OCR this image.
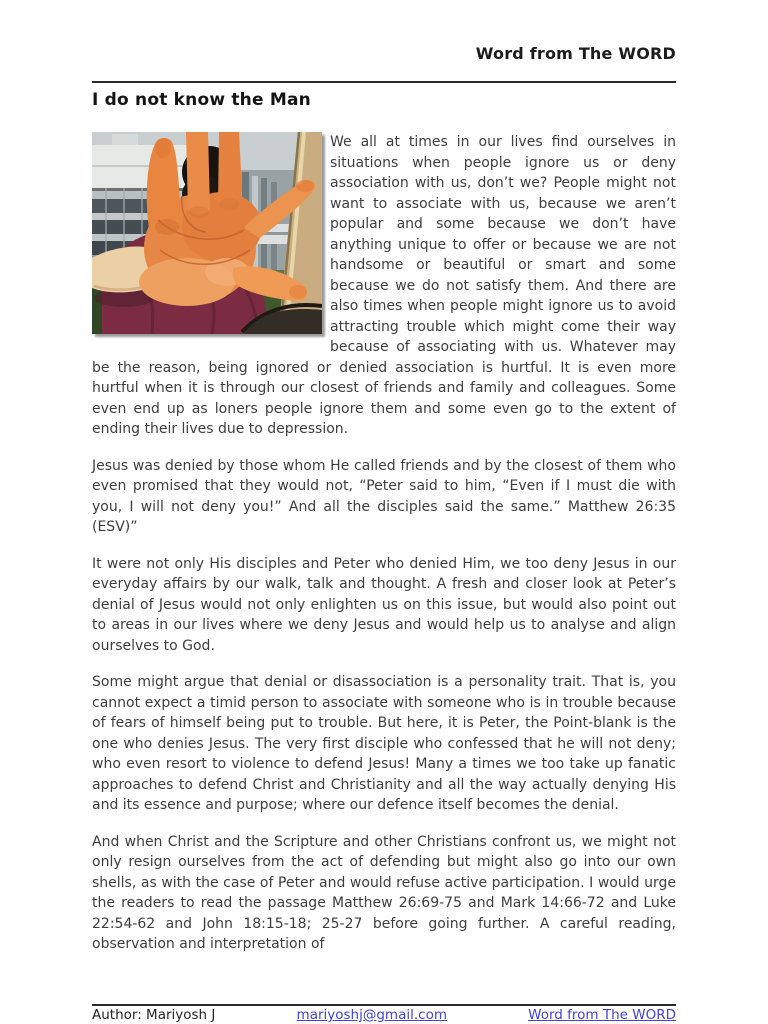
Word from The WORD
I do not know the Man

We all at times in our lives find ourselves in situations when people ignore us or deny association with us, don’t we? People might not want to associate with us, because we aren’t popular and some because we don’t have anything unique to offer or because we are not handsome or beautiful or smart and some because we do not satisfy them. And there are also times when people might ignore us to avoid attracting trouble which might come their way because of associating with us. Whatever may be the reason, being ignored or denied association is hurtful. It is even more hurtful when it is through our closest of friends and family and colleagues. Some even end up as loners people ignore them and some even go to the extent of ending their lives due to depression.

Jesus was denied by those whom He called friends and by the closest of them who even promised that they would not, “Peter said to him, “Even if I must die with you, I will not deny you!” And all the disciples said the same.” Matthew 26:35 (ESV)”

It were not only His disciples and Peter who denied Him, we too deny Jesus in our everyday affairs by our walk, talk and thought. A fresh and closer look at Peter’s denial of Jesus would not only enlighten us on this issue, but would also point out to areas in our lives where we deny Jesus and would help us to analyse and align ourselves to God.

Some might argue that denial or disassociation is a personality trait. That is, you cannot expect a timid person to associate with someone who is in trouble because of fears of himself being put to trouble. But here, it is Peter, the Point-blank is the one who denies Jesus. The very first disciple who confessed that he will not deny; who even resort to violence to defend Jesus! Many a times we too take up fanatic approaches to defend Christ and Christianity and all the way actually denying His and its essence and purpose; where our defence itself becomes the denial.

And when Christ and the Scripture and other Christians confront us, we might not only resign ourselves from the act of defending but might also go into our own shells, as with the case of Peter and would refuse active participation. I would urge the readers to read the passage Matthew 26:69-75 and Mark 14:66-72 and Luke 22:54-62 and John 18:15-18; 25-27 before going further. A careful reading, observation and interpretation of

Author: Mariyosh J	mariyoshj@gmail.com	Word from The WORD
